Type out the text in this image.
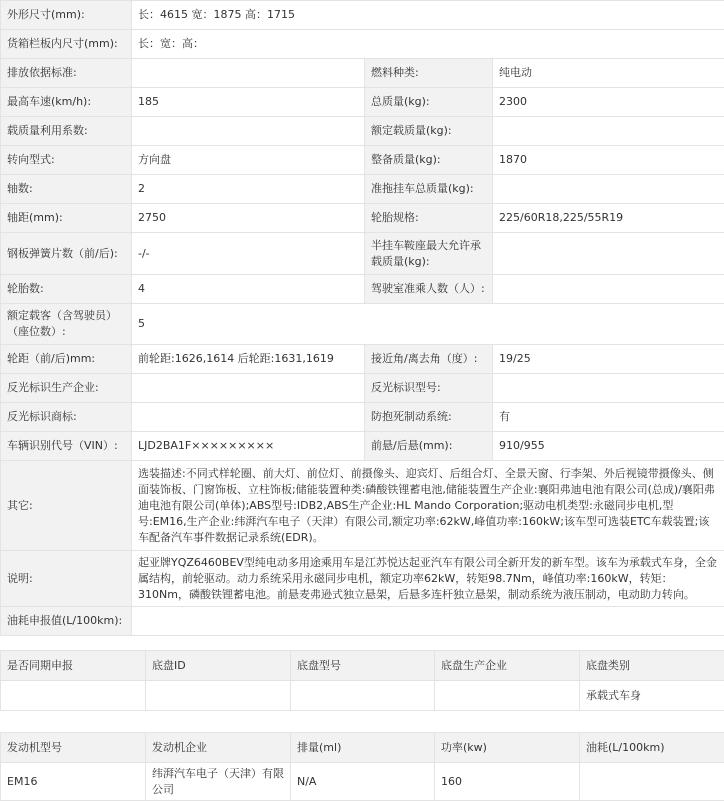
外形尺寸(mm):	长：4615 宽：1875 高：1715		
货箱栏板内尺寸(mm):	长：宽：高：		
排放依据标准:		燃料种类:	纯电动
最高车速(km/h):	185	总质量(kg):	2300
载质量利用系数:		额定载质量(kg):	
转向型式:	方向盘	整备质量(kg):	1870
轴数:	2	准拖挂车总质量(kg):	
轴距(mm):	2750	轮胎规格:	225/60R18,225/55R19
钢板弹簧片数（前/后):	-/-	半挂车鞍座最大允许承载质量(kg):	
轮胎数:	4	驾驶室准乘人数（人）:	
额定载客（含驾驶员）（座位数）:	5		
轮距（前/后)mm:	前轮距:1626,1614 后轮距:1631,1619	接近角/离去角（度）:	19/25
反光标识生产企业:		反光标识型号:	
反光标识商标:		防抱死制动系统:	有
车辆识别代号（VIN）:	LJD2BA1F×××××××××	前悬/后悬(mm):	910/955
其它:	选装描述:不同式样轮圈、前大灯、前位灯、前摄像头、迎宾灯、后组合灯、全景天窗、行李架、外后视镜带摄像头、侧面装饰板、门窗饰板、立柱饰板;储能装置种类:磷酸铁锂蓄电池,储能装置生产企业:襄阳弗迪电池有限公司(总成)/襄阳弗迪电池有限公司(单体);ABS型号:IDB2,ABS生产企业:HL Mando Corporation;驱动电机类型:永磁同步电机,型号:EM16,生产企业:纬湃汽车电子（天津）有限公司,额定功率:62kW,峰值功率:160kW;该车型可选装ETC车载装置;该车配备汽车事件数据记录系统(EDR)。		
说明:	起亚牌YQZ6460BEV型纯电动多用途乘用车是江苏悦达起亚汽车有限公司全新开发的新车型。该车为承载式车身，全金属结构，前轮驱动。动力系统采用永磁同步电机，额定功率62kW，转矩98.7Nm，峰值功率:160kW，转矩：310Nm，磷酸铁锂蓄电池。前悬麦弗逊式独立悬架，后悬多连杆独立悬架，制动系统为液压制动，电动助力转向。		
油耗申报值(L/100km):			
是否同期申报	底盘ID	底盘型号	底盘生产企业	底盘类别
				承载式车身
发动机型号	发动机企业	排量(ml)	功率(kw)	油耗(L/100km)
EM16	纬湃汽车电子（天津）有限公司	N/A	160	
